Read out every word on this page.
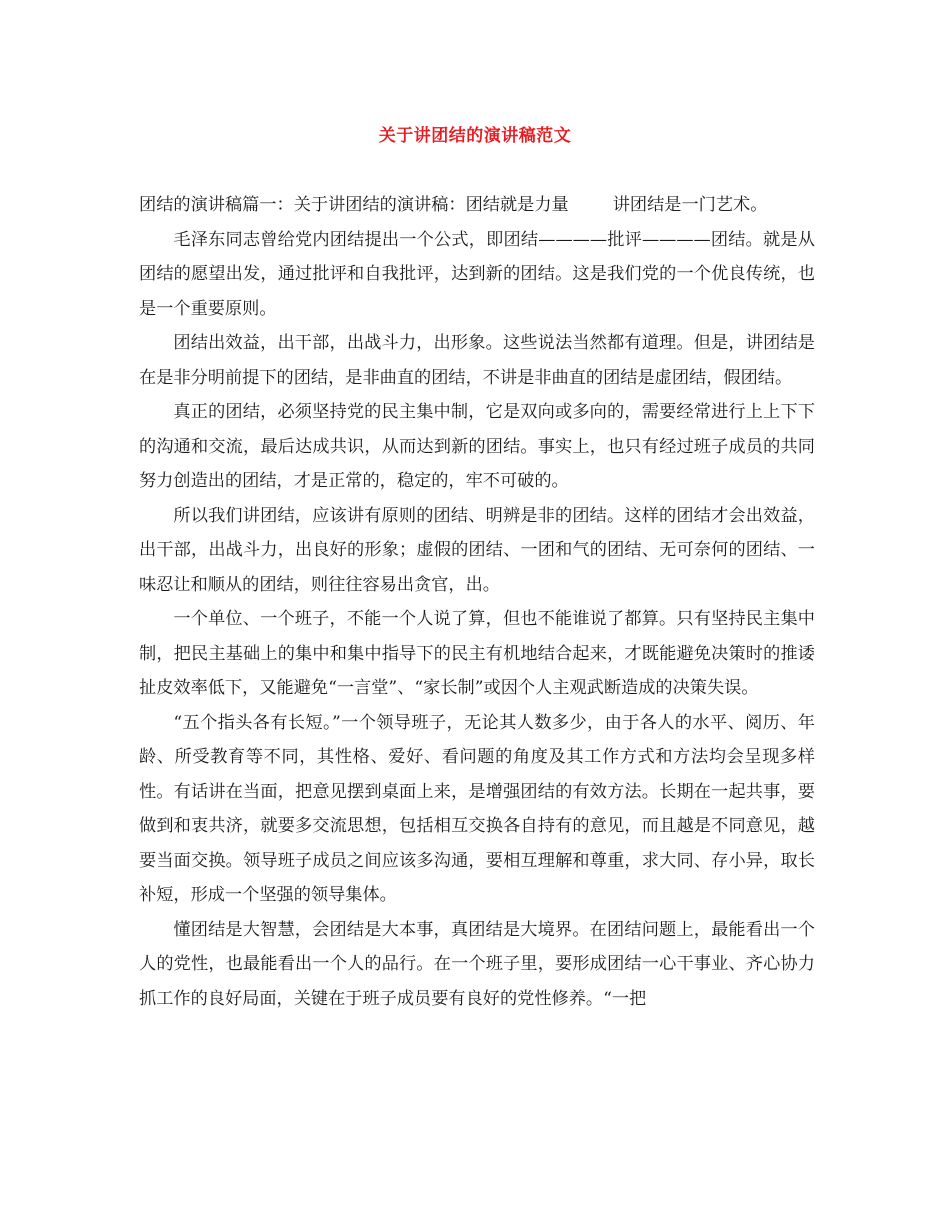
关于讲团结的演讲稿范文

团结的演讲稿篇一：关于讲团结的演讲稿：团结就是力量	讲团结是一门艺术。

毛泽东同志曾给党内团结提出一个公式，即团结————批评————团结。就是从团结的愿望出发，通过批评和自我批评，达到新的团结。这是我们党的一个优良传统，也是一个重要原则。

团结出效益，出干部，出战斗力，出形象。这些说法当然都有道理。但是，讲团结是在是非分明前提下的团结，是非曲直的团结，不讲是非曲直的团结是虚团结，假团结。

真正的团结，必须坚持党的民主集中制，它是双向或多向的，需要经常进行上上下下的沟通和交流，最后达成共识，从而达到新的团结。事实上，也只有经过班子成员的共同努力创造出的团结，才是正常的，稳定的，牢不可破的。

所以我们讲团结，应该讲有原则的团结、明辨是非的团结。这样的团结才会出效益，出干部，出战斗力，出良好的形象；虚假的团结、一团和气的团结、无可奈何的团结、一味忍让和顺从的团结，则往往容易出贪官，出。

一个单位、一个班子，不能一个人说了算，但也不能谁说了都算。只有坚持民主集中制，把民主基础上的集中和集中指导下的民主有机地结合起来，才既能避免决策时的推诿扯皮效率低下，又能避免“一言堂”、“家长制”或因个人主观武断造成的决策失误。

“五个指头各有长短。”一个领导班子，无论其人数多少，由于各人的水平、阅历、年龄、所受教育等不同，其性格、爱好、看问题的角度及其工作方式和方法均会呈现多样性。有话讲在当面，把意见摆到桌面上来，是增强团结的有效方法。长期在一起共事，要做到和衷共济，就要多交流思想，包括相互交换各自持有的意见，而且越是不同意见，越要当面交换。领导班子成员之间应该多沟通，要相互理解和尊重，求大同、存小异，取长补短，形成一个坚强的领导集体。

懂团结是大智慧，会团结是大本事，真团结是大境界。在团结问题上，最能看出一个人的党性，也最能看出一个人的品行。在一个班子里，要形成团结一心干事业、齐心协力抓工作的良好局面，关键在于班子成员要有良好的党性修养。“一把
